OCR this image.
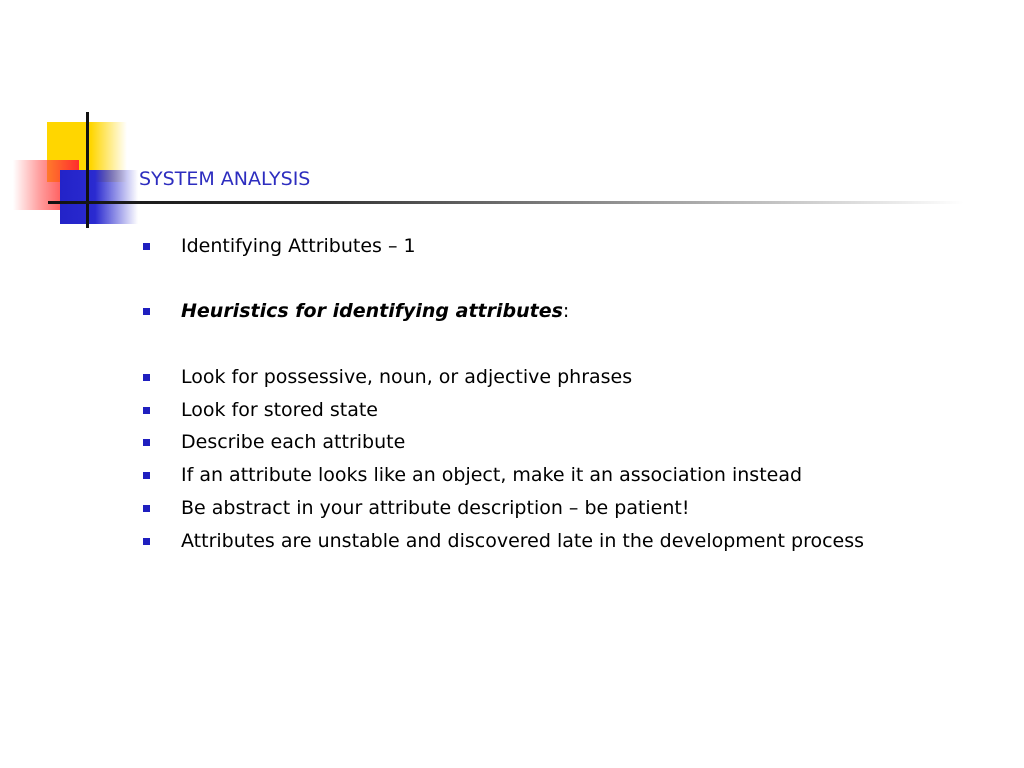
SYSTEM ANALYSIS
Identifying Attributes – 1
Heuristics for identifying attributes:
Look for possessive, noun, or adjective phrases
Look for stored state
Describe each attribute
If an attribute looks like an object, make it an association instead
Be abstract in your attribute description – be patient!
Attributes are unstable and discovered late in the development process
